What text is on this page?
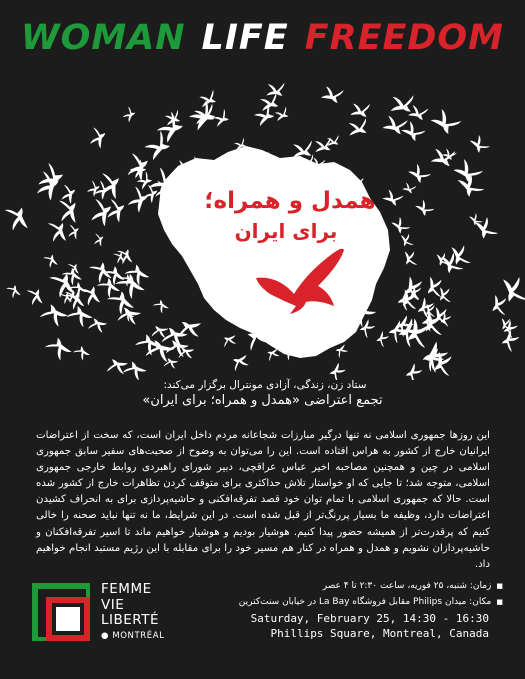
WOMAN LIFE FREEDOM
همدل و همراه؛
برای ایران
ستاد زن، زندگی، آزادی مونترال برگزار می‌کند:
تجمع اعتراضی «همدل و همراه؛ برای ایران»
این روزها جمهوری اسلامی نه تنها درگیر مبارزات شجاعانه مردم داخل ایران است، که سخت از اعتراضات ایرانیان خارج از کشور به هراس افتاده است. این را می‌توان به وضوح از صحبت‌های سفیر سابق جمهوری اسلامی در چین و همچنین مصاحبه اخیر عباس عراقچی، دبیر شورای راهبردی روابط خارجی جمهوری اسلامی، متوجه شد؛ تا جایی که او خواستار تلاش حداکثری برای متوقف کردن تظاهرات خارج از کشور شده است. حالا که جمهوری اسلامی با تمام توان خود قصد تفرقه‌افکنی و حاشیه‌پردازی برای به انحراف کشیدن اعتراضات دارد، وظیفه ما بسیار پررنگ‌تر از قبل شده است. در این شرایط، ما نه تنها نباید صحنه را خالی کنیم که پرقدرت‌تر از همیشه حضور پیدا کنیم. هوشیار بودیم و هوشیار خواهیم ماند تا اسیر تفرقه‌افکنان و حاشیه‌پردازان نشویم و همدل و همراه در کنار هم مسیر خود را برای مقابله با این رژیم مستبد انجام خواهیم داد.
FEMME
VIE
LIBERTÉ
● MONTRÉAL
■
زمان: شنبه، ۲۵ فوریه، ساعت ۲:۳۰ تا ۴ عصر
■
مکان: میدان Philips مقابل فروشگاه La Bay در خیابان سنت‌کترین
Saturday, February 25, 14:30 - 16:30
Phillips Square, Montreal, Canada
